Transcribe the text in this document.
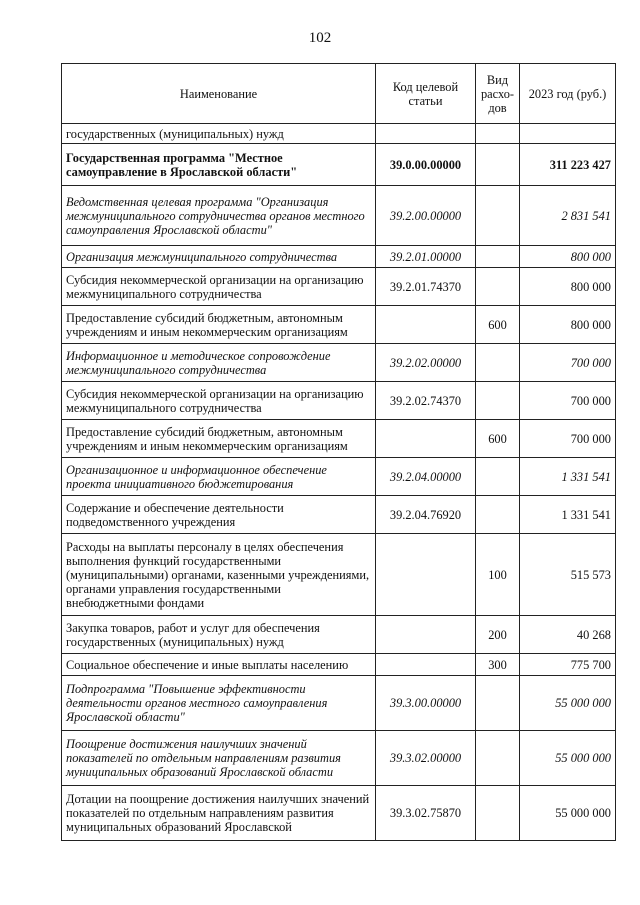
102
Наименование	Код целевой статьи	Вид расхо-дов	2023 год (руб.)
государственных (муниципальных) нужд			
Государственная программа "Местное самоуправление в Ярославской области"	39.0.00.00000		311 223 427
Ведомственная целевая программа "Организация межмуниципального сотрудничества органов местного самоуправления Ярославской области"	39.2.00.00000		2 831 541
Организация межмуниципального сотрудничества	39.2.01.00000		800 000
Субсидия некоммерческой организации на организацию межмуниципального сотрудничества	39.2.01.74370		800 000
Предоставление субсидий бюджетным, автономным учреждениям и иным некоммерческим организациям		600	800 000
Информационное и методическое сопровождение межмуниципального сотрудничества	39.2.02.00000		700 000
Субсидия некоммерческой организации на организацию межмуниципального сотрудничества	39.2.02.74370		700 000
Предоставление субсидий бюджетным, автономным учреждениям и иным некоммерческим организациям		600	700 000
Организационное и информационное обеспечение проекта инициативного бюджетирования	39.2.04.00000		1 331 541
Содержание и обеспечение деятельности подведомственного учреждения	39.2.04.76920		1 331 541
Расходы на выплаты персоналу в целях обеспечения выполнения функций государственными (муниципальными) органами, казенными учреждениями, органами управления государственными внебюджетными фондами		100	515 573
Закупка товаров, работ и услуг для обеспечения государственных (муниципальных) нужд		200	40 268
Социальное обеспечение и иные выплаты населению		300	775 700
Подпрограмма "Повышение эффективности деятельности органов местного самоуправления Ярославской области"	39.3.00.00000		55 000 000
Поощрение достижения наилучших значений показателей по отдельным направлениям развития муниципальных образований Ярославской области	39.3.02.00000		55 000 000
Дотации на поощрение достижения наилучших значений показателей по отдельным направлениям развития муниципальных образований Ярославской	39.3.02.75870		55 000 000
